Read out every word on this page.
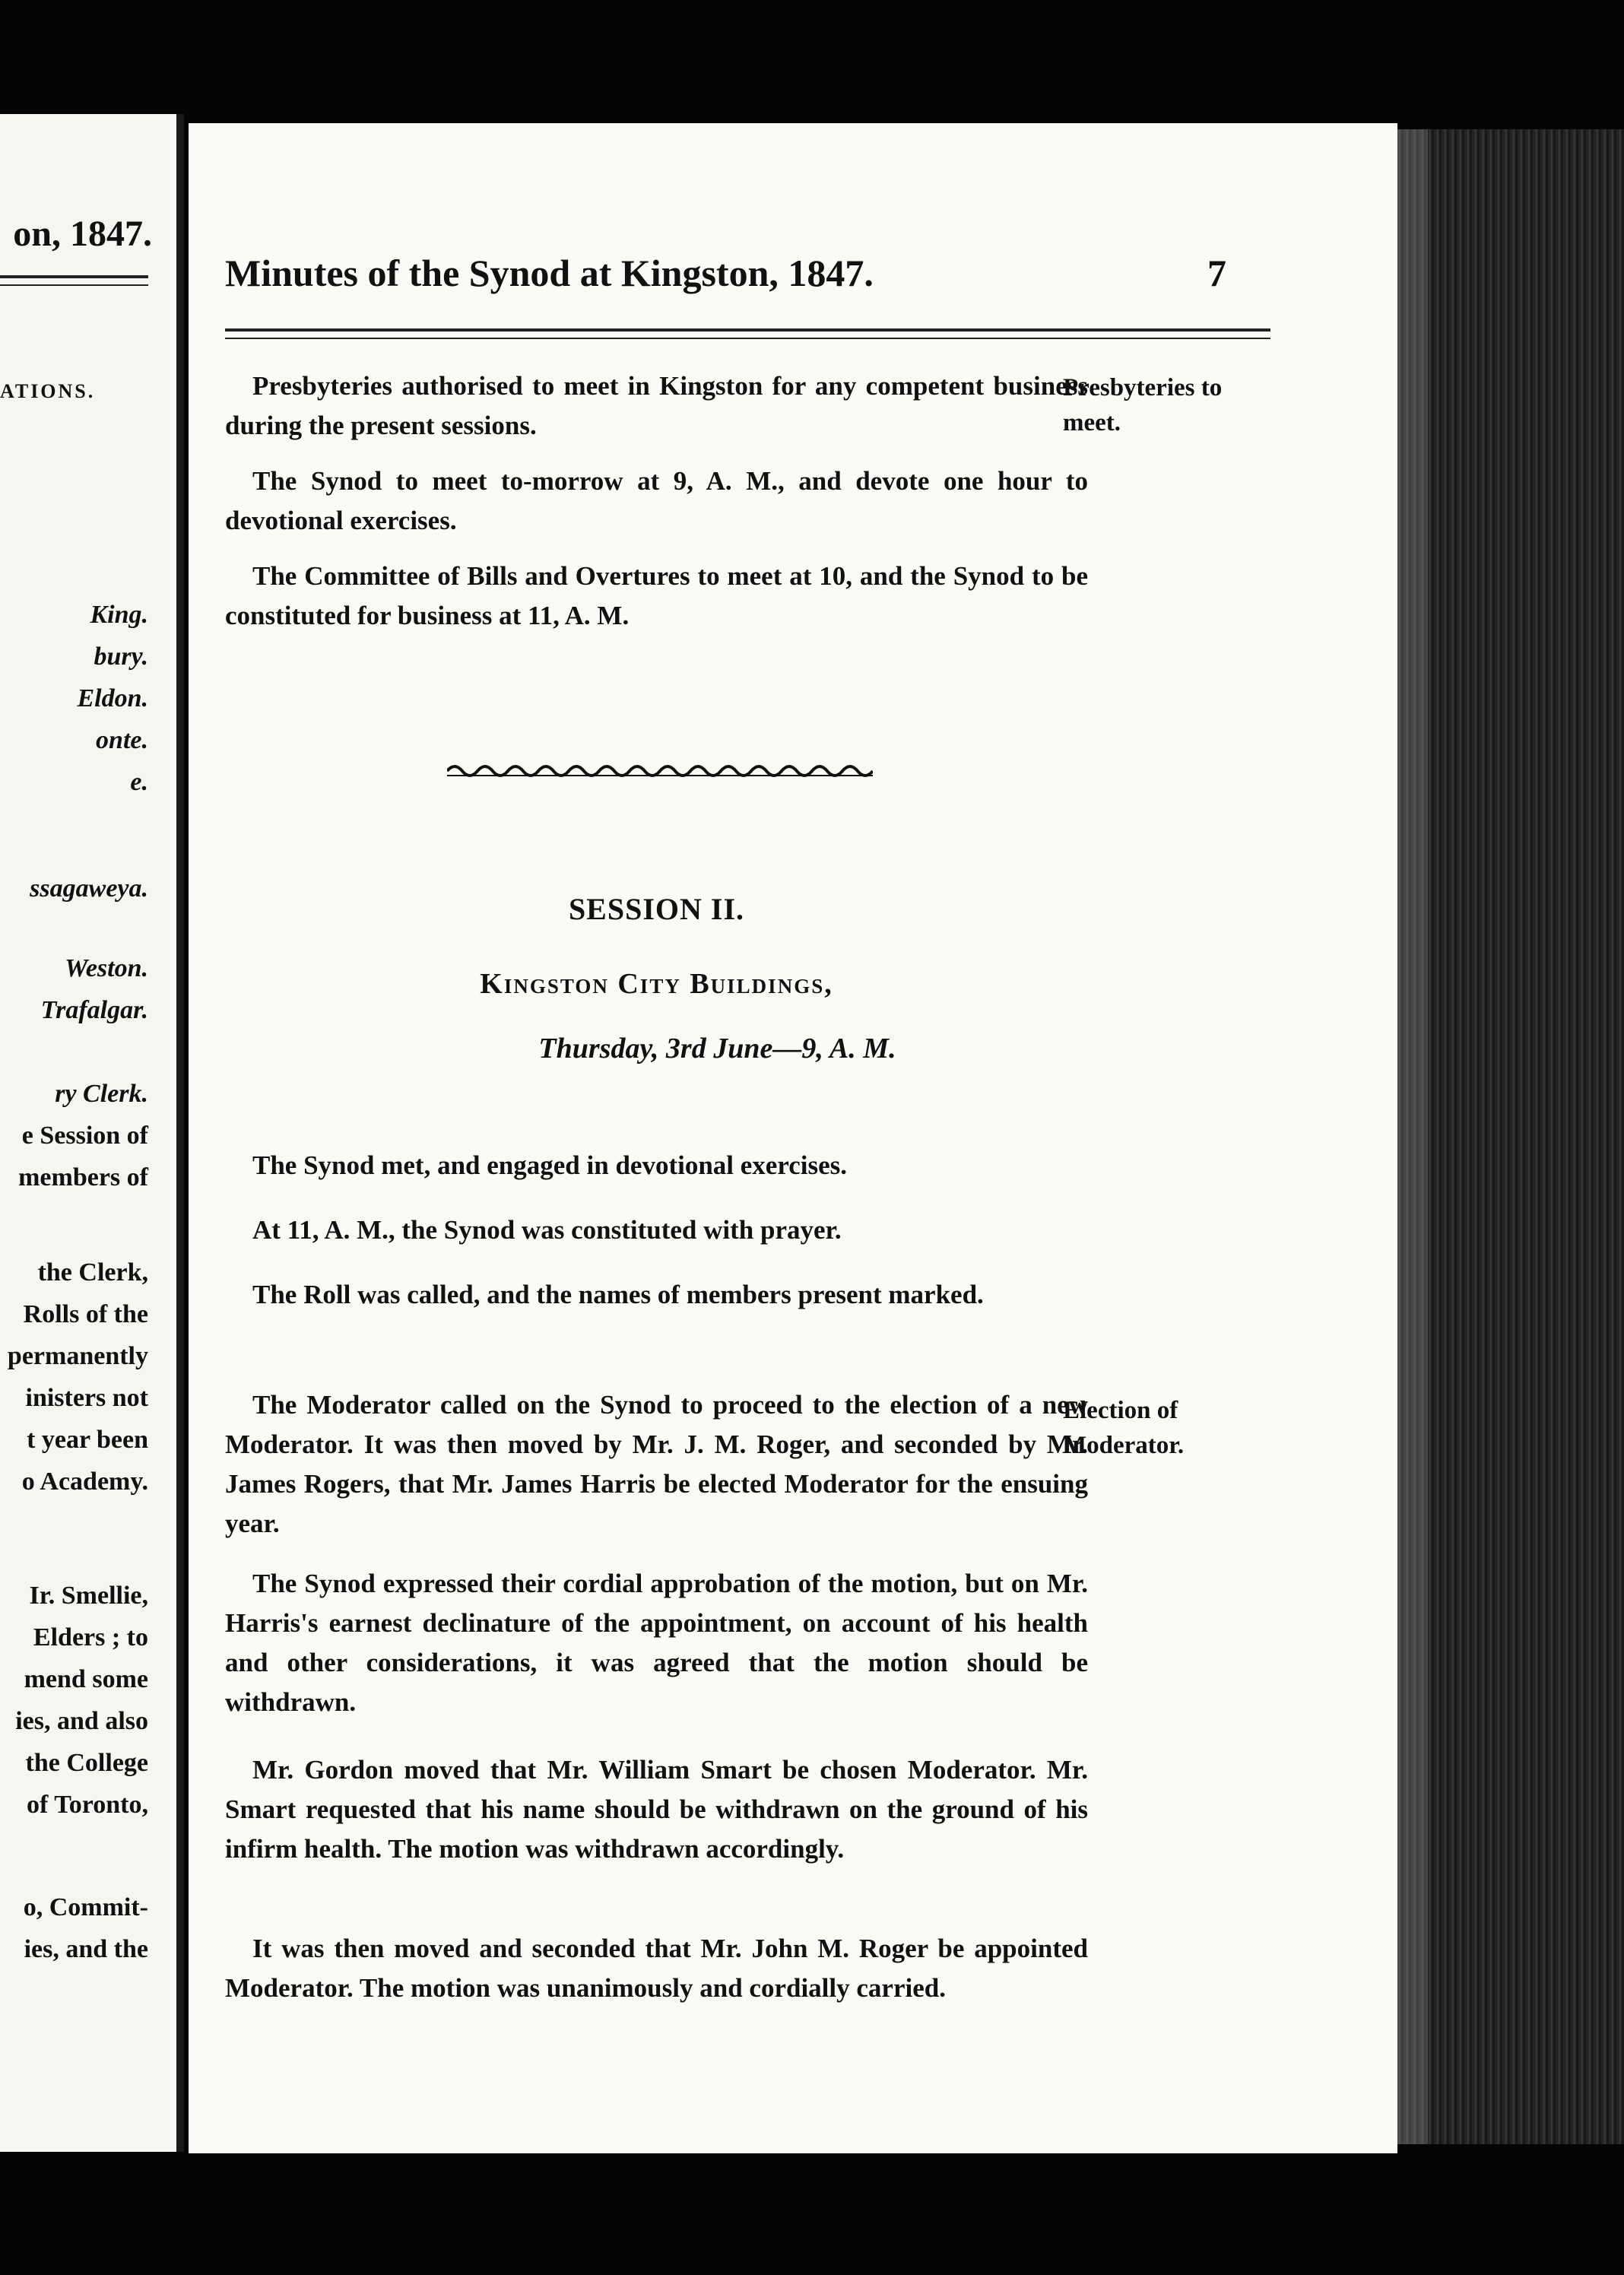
on, 1847.
ATIONS.
King.
bury.
Eldon.
onte.
e.
ssagaweya.
Weston.
Trafalgar.
ry Clerk.
e Session of
members of
the Clerk,
Rolls of the
permanently
inisters not
t year been
o Academy.
Ir. Smellie,
Elders ; to
mend some
ies, and also
the College
of Toronto,
o, Commit-
ies, and the
Minutes of the Synod at Kingston, 1847.	7
Presbyteries authorised to meet in Kingston for any competent business during the present sessions.
Presbyteries to meet.
The Synod to meet to-morrow at 9, A. M., and devote one hour to devotional exercises.
The Committee of Bills and Overtures to meet at 10, and the Synod to be constituted for business at 11, A. M.
SESSION II.
Kingston City Buildings,
Thursday, 3rd June—9, A. M.
The Synod met, and engaged in devotional exercises.
At 11, A. M., the Synod was constituted with prayer.
The Roll was called, and the names of members present marked.
The Moderator called on the Synod to proceed to the election of a new Moderator. It was then moved by Mr. J. M. Roger, and seconded by Mr. James Rogers, that Mr. James Harris be elected Moderator for the ensuing year.
Election of Moderator.
The Synod expressed their cordial approbation of the motion, but on Mr. Harris's earnest declinature of the appointment, on account of his health and other considerations, it was agreed that the motion should be withdrawn.
Mr. Gordon moved that Mr. William Smart be chosen Moderator. Mr. Smart requested that his name should be withdrawn on the ground of his infirm health. The motion was withdrawn accordingly.
It was then moved and seconded that Mr. John M. Roger be appointed Moderator. The motion was unanimously and cordially carried.
